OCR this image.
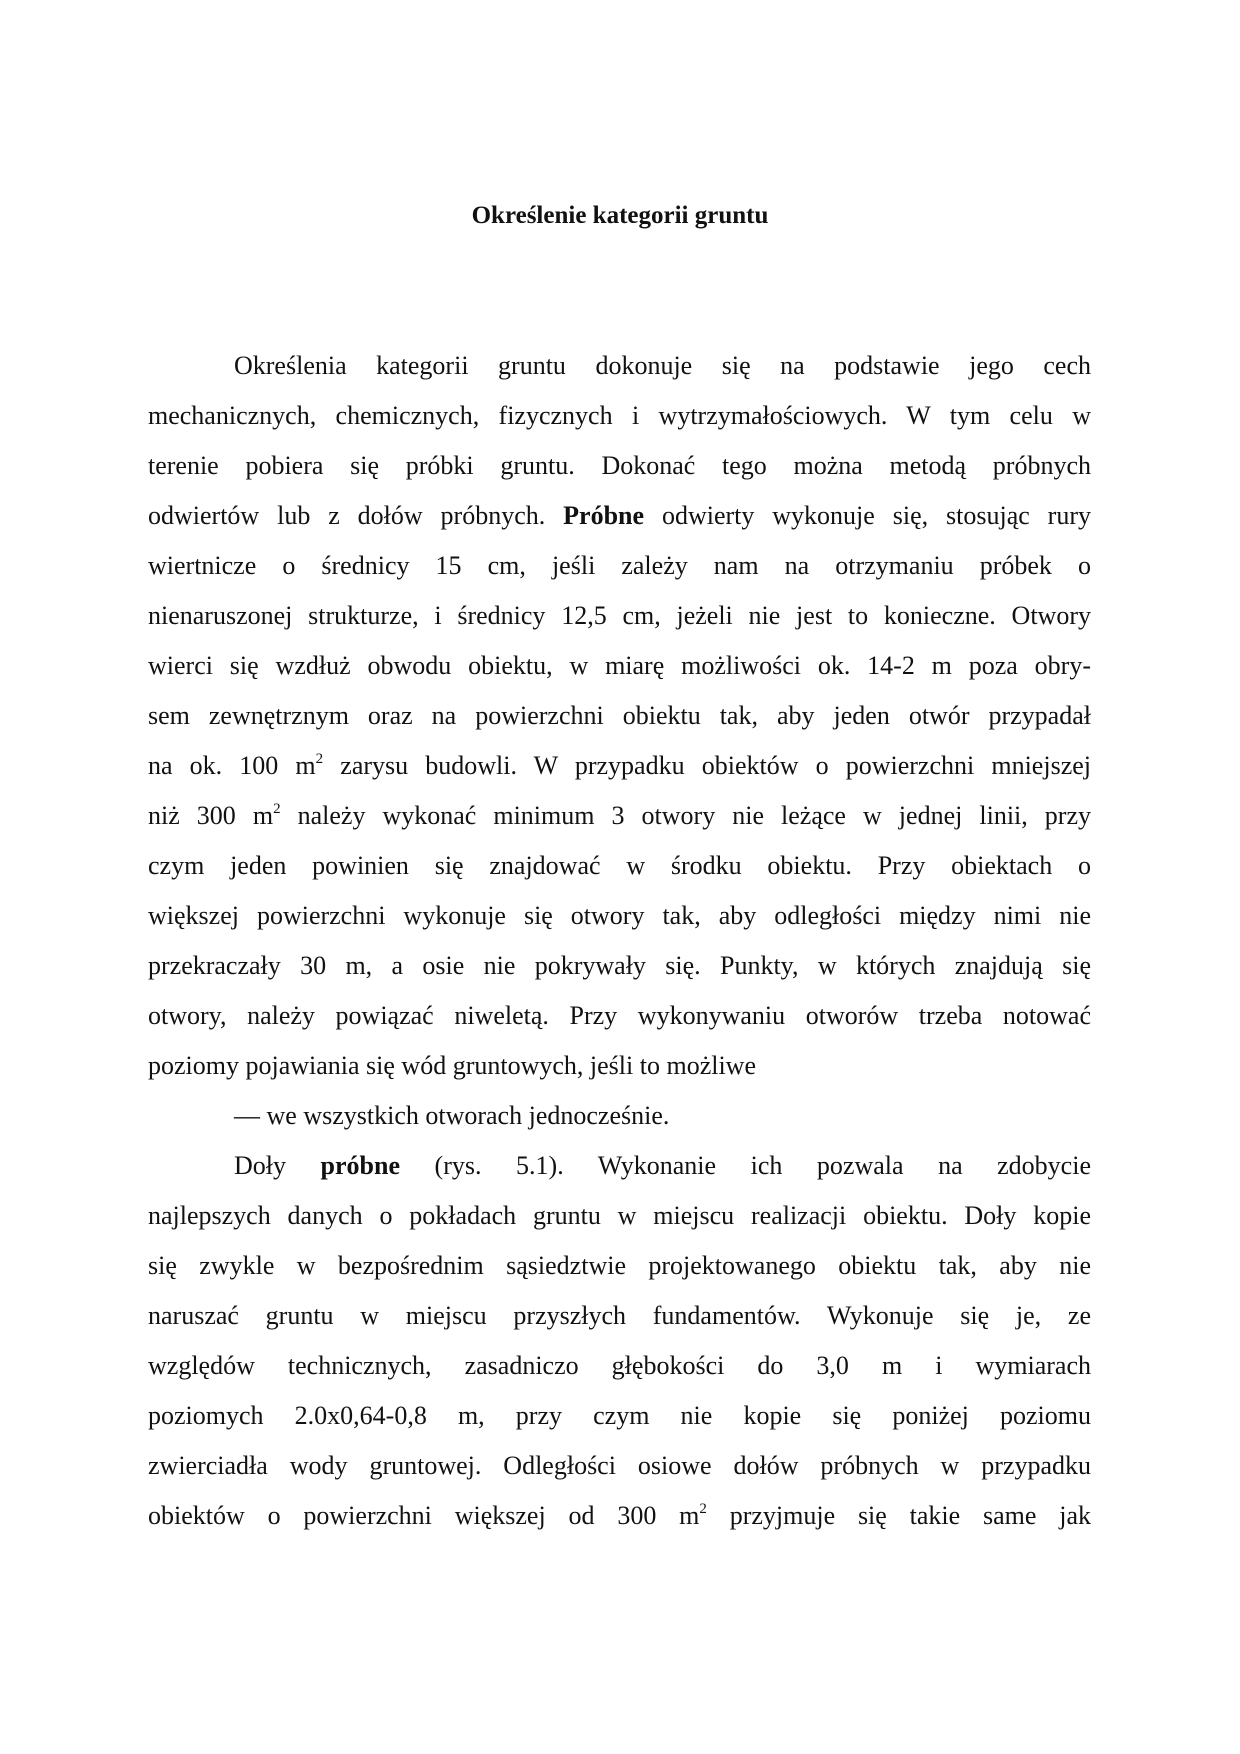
Określenie kategorii gruntu

Określenia kategorii gruntu dokonuje się na podstawie jego cech

mechanicznych, chemicznych, fizycznych i wytrzymałościowych. W tym celu w

terenie pobiera się próbki gruntu. Dokonać tego można metodą próbnych

odwiertów lub z dołów próbnych. Próbne odwierty wykonuje się, stosując rury

wiertnicze o średnicy 15 cm, jeśli zależy nam na otrzymaniu próbek o

nienaruszonej strukturze, i średnicy 12,5 cm, jeżeli nie jest to konieczne. Otwory

wierci się wzdłuż obwodu obiektu, w miarę możliwości ok. 14-2 m poza obry-

sem zewnętrznym oraz na powierzchni obiektu tak, aby jeden otwór przypadał

na ok. 100 $m^2$ zarysu budowli. W przypadku obiektów o powierzchni mniejszej

niż 300 $m^2$ należy wykonać minimum 3 otwory nie leżące w jednej linii, przy

czym jeden powinien się znajdować w środku obiektu. Przy obiektach o

większej powierzchni wykonuje się otwory tak, aby odległości między nimi nie

przekraczały 30 m, a osie nie pokrywały się. Punkty, w których znajdują się

otwory, należy powiązać niweletą. Przy wykonywaniu otworów trzeba notować

poziomy pojawiania się wód gruntowych, jeśli to możliwe

— we wszystkich otworach jednocześnie.

Doły próbne (rys. 5.1). Wykonanie ich pozwala na zdobycie

najlepszych danych o pokładach gruntu w miejscu realizacji obiektu. Doły kopie

się zwykle w bezpośrednim sąsiedztwie projektowanego obiektu tak, aby nie

naruszać gruntu w miejscu przyszłych fundamentów. Wykonuje się je, ze

względów technicznych, zasadniczo głębokości do 3,0 m i wymiarach

poziomych 2.0x0,64-0,8 m, przy czym nie kopie się poniżej poziomu

zwierciadła wody gruntowej. Odległości osiowe dołów próbnych w przypadku

obiektów o powierzchni większej od 300 $m^2$ przyjmuje się takie same jak
